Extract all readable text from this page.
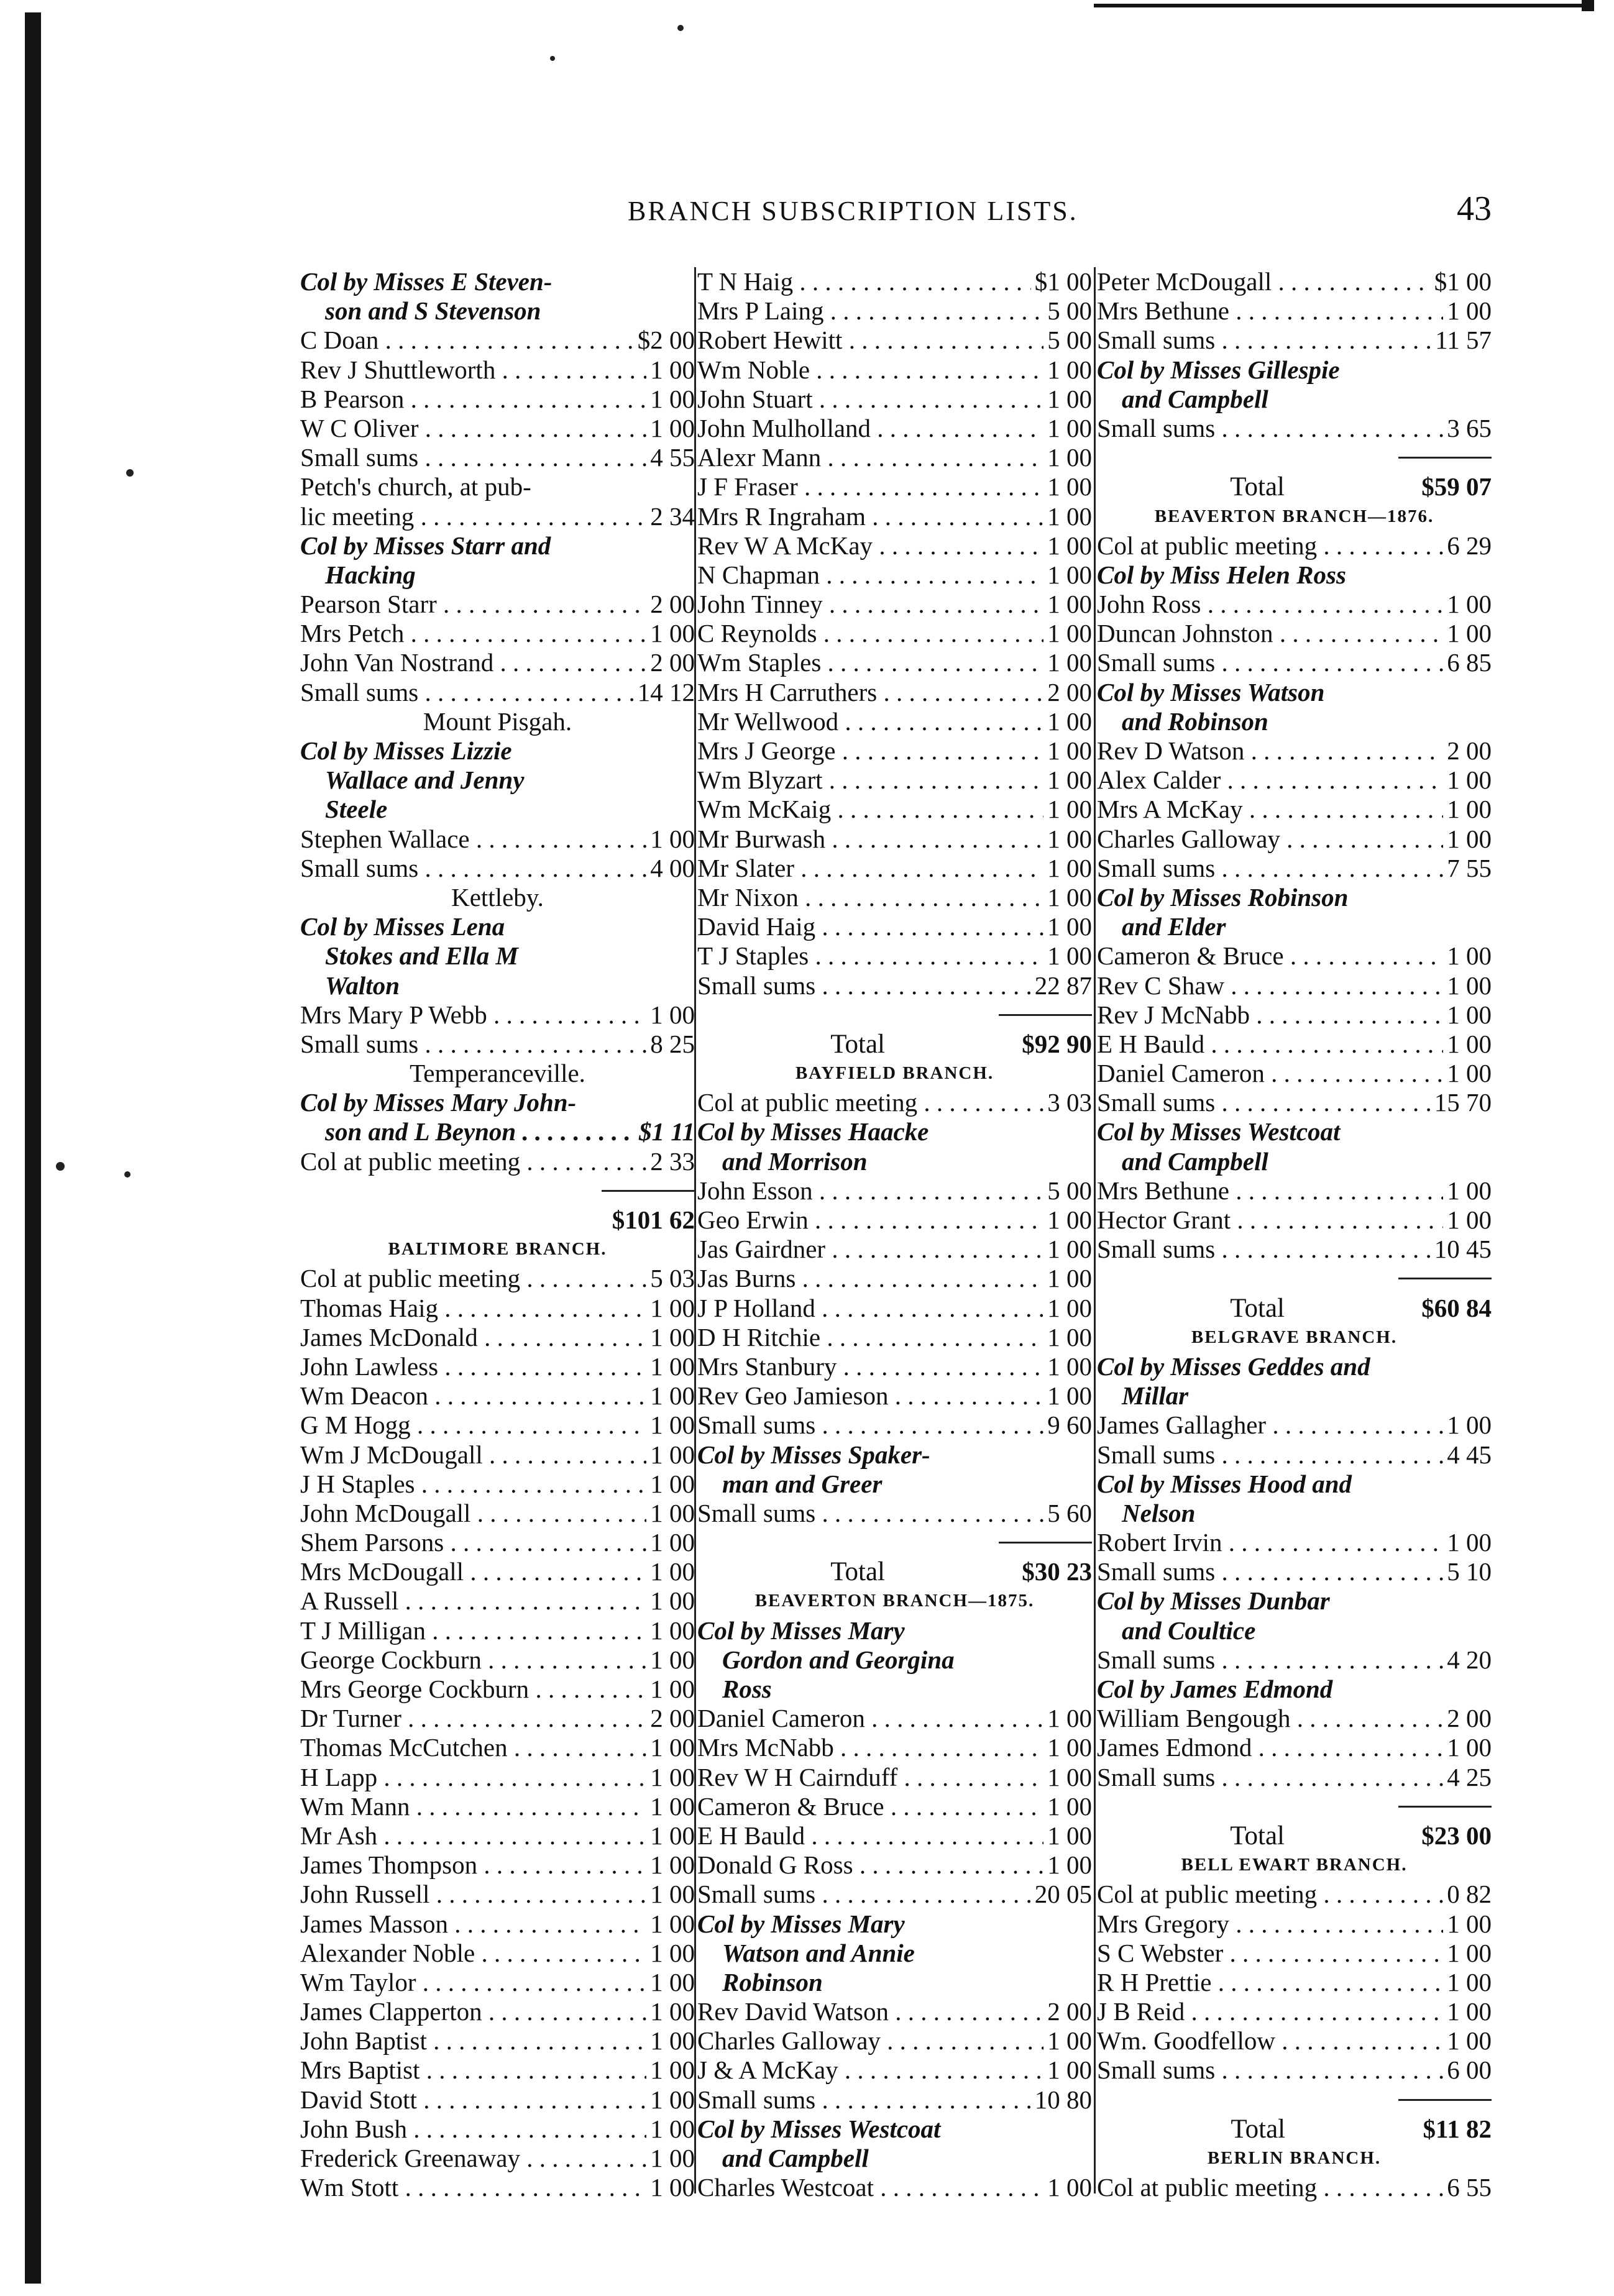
BRANCH SUBSCRIPTION LISTS.	43
Col by Misses E Steven-
son and S Stevenson
C Doan . . .	$2 00
Rev J Shuttleworth . . .	1 00
B Pearson . . .	1 00
W C Oliver . . .	1 00
Small sums . . .	4 55
Petch's church, at pub-
lic meeting . . .	2 34
Col by Misses Starr and
Hacking
Pearson Starr . . .	2 00
Mrs Petch . . .	1 00
John Van Nostrand . . .	2 00
Small sums . . .	14 12
Mount Pisgah.
Col by Misses Lizzie
Wallace and Jenny
Steele
Stephen Wallace . . .	1 00
Small sums . . .	4 00
Kettleby.
Col by Misses Lena
Stokes and Ella M
Walton
Mrs Mary P Webb . . .	1 00
Small sums . . .	8 25
Temperanceville.
Col by Misses Mary John-
son and L Beynon . . .	$1 11
Col at public meeting . . .	2 33
$101 62
BALTIMORE BRANCH.
Col at public meeting . . .	5 03
Thomas Haig . . .	1 00
James McDonald . . .	1 00
John Lawless . . .	1 00
Wm Deacon . . .	1 00
G M Hogg . . .	1 00
Wm J McDougall . . .	1 00
J H Staples . . .	1 00
John McDougall . . .	1 00
Shem Parsons . . .	1 00
Mrs McDougall . . .	1 00
A Russell . . .	1 00
T J Milligan . . .	1 00
George Cockburn . . .	1 00
Mrs George Cockburn . . .	1 00
Dr Turner . . .	2 00
Thomas McCutchen . . .	1 00
H Lapp . . .	1 00
Wm Mann . . .	1 00
Mr Ash . . .	1 00
James Thompson . . .	1 00
John Russell . . .	1 00
James Masson . . .	1 00
Alexander Noble . . .	1 00
Wm Taylor . . .	1 00
James Clapperton . . .	1 00
John Baptist . . .	1 00
Mrs Baptist . . .	1 00
David Stott . . .	1 00
John Bush . . .	1 00
Frederick Greenaway . . .	1 00
Wm Stott . . .	1 00
T N Haig . . .	$1 00
Mrs P Laing . . .	5 00
Robert Hewitt . . .	5 00
Wm Noble . . .	1 00
John Stuart . . .	1 00
John Mulholland . . .	1 00
Alexr Mann . . .	1 00
J F Fraser . . .	1 00
Mrs R Ingraham . . .	1 00
Rev W A McKay . . .	1 00
N Chapman . . .	1 00
John Tinney . . .	1 00
C Reynolds . . .	1 00
Wm Staples . . .	1 00
Mrs H Carruthers . . .	2 00
Mr Wellwood . . .	1 00
Mrs J George . . .	1 00
Wm Blyzart . . .	1 00
Wm McKaig . . .	1 00
Mr Burwash . . .	1 00
Mr Slater . . .	1 00
Mr Nixon . . .	1 00
David Haig . . .	1 00
T J Staples . . .	1 00
Small sums . . .	22 87
Total	$92 90
BAYFIELD BRANCH.
Col at public meeting . . .	3 03
Col by Misses Haacke
and Morrison
John Esson . . .	5 00
Geo Erwin . . .	1 00
Jas Gairdner . . .	1 00
Jas Burns . . .	1 00
J P Holland . . .	1 00
D H Ritchie . . .	1 00
Mrs Stanbury . . .	1 00
Rev Geo Jamieson . . .	1 00
Small sums . . .	9 60
Col by Misses Spaker-
man and Greer
Small sums . . .	5 60
Total	$30 23
BEAVERTON BRANCH—1875.
Col by Misses Mary
Gordon and Georgina
Ross
Daniel Cameron . . .	1 00
Mrs McNabb . . .	1 00
Rev W H Cairnduff . . .	1 00
Cameron & Bruce . . .	1 00
E H Bauld . . .	1 00
Donald G Ross . . .	1 00
Small sums . . .	20 05
Col by Misses Mary
Watson and Annie
Robinson
Rev David Watson . . .	2 00
Charles Galloway . . .	1 00
J & A McKay . . .	1 00
Small sums . . .	10 80
Col by Misses Westcoat
and Campbell
Charles Westcoat . . .	1 00
Peter McDougall . . .	$1 00
Mrs Bethune . . .	1 00
Small sums . . .	11 57
Col by Misses Gillespie
and Campbell
Small sums . . .	3 65
Total	$59 07
BEAVERTON BRANCH—1876.
Col at public meeting . . .	6 29
Col by Miss Helen Ross
John Ross . . .	1 00
Duncan Johnston . . .	1 00
Small sums . . .	6 85
Col by Misses Watson
and Robinson
Rev D Watson . . .	2 00
Alex Calder . . .	1 00
Mrs A McKay . . .	1 00
Charles Galloway . . .	1 00
Small sums . . .	7 55
Col by Misses Robinson
and Elder
Cameron & Bruce . . .	1 00
Rev C Shaw . . .	1 00
Rev J McNabb . . .	1 00
E H Bauld . . .	1 00
Daniel Cameron . . .	1 00
Small sums . . .	15 70
Col by Misses Westcoat
and Campbell
Mrs Bethune . . .	1 00
Hector Grant . . .	1 00
Small sums . . .	10 45
Total	$60 84
BELGRAVE BRANCH.
Col by Misses Geddes and
Millar
James Gallagher . . .	1 00
Small sums . . .	4 45
Col by Misses Hood and
Nelson
Robert Irvin . . .	1 00
Small sums . . .	5 10
Col by Misses Dunbar
and Coultice
Small sums . . .	4 20
Col by James Edmond
William Bengough . . .	2 00
James Edmond . . .	1 00
Small sums . . .	4 25
Total	$23 00
BELL EWART BRANCH.
Col at public meeting . . .	0 82
Mrs Gregory . . .	1 00
S C Webster . . .	1 00
R H Prettie . . .	1 00
J B Reid . . .	1 00
Wm. Goodfellow . . .	1 00
Small sums . . .	6 00
Total	$11 82
BERLIN BRANCH.
Col at public meeting . . .	6 55
